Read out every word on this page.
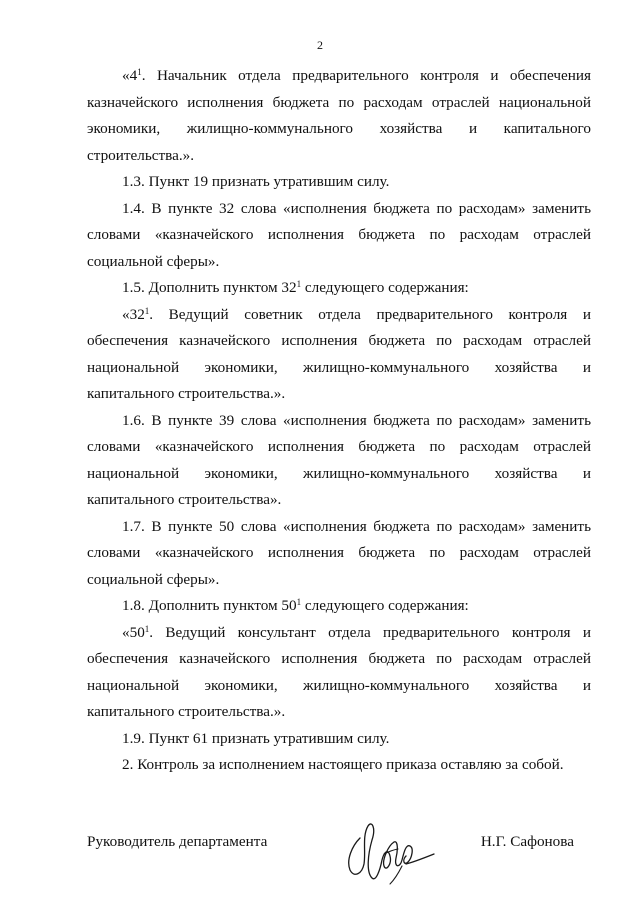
2

«$4^1$. Начальник отдела предварительного контроля и обеспечения казначейского исполнения бюджета по расходам отраслей национальной экономики, жилищно-коммунального хозяйства и капитального строительства.».

1.3. Пункт 19 признать утратившим силу.

1.4. В пункте 32 слова «исполнения бюджета по расходам» заменить словами «казначейского исполнения бюджета по расходам отраслей социальной сферы».

1.5. Дополнить пунктом $32^1$ следующего содержания:

«$32^1$. Ведущий советник отдела предварительного контроля и обеспечения казначейского исполнения бюджета по расходам отраслей национальной экономики, жилищно-коммунального хозяйства и капитального строительства.».

1.6. В пункте 39 слова «исполнения бюджета по расходам» заменить словами «казначейского исполнения бюджета по расходам отраслей национальной экономики, жилищно-коммунального хозяйства и капитального строительства».

1.7. В пункте 50 слова «исполнения бюджета по расходам» заменить словами «казначейского исполнения бюджета по расходам отраслей социальной сферы».

1.8. Дополнить пунктом $50^1$ следующего содержания:

«$50^1$. Ведущий консультант отдела предварительного контроля и обеспечения казначейского исполнения бюджета по расходам отраслей национальной экономики, жилищно-коммунального хозяйства и капитального строительства.».

1.9. Пункт 61 признать утратившим силу.

2. Контроль за исполнением настоящего приказа оставляю за собой.

Руководитель департамента	Н.Г. Сафонова
